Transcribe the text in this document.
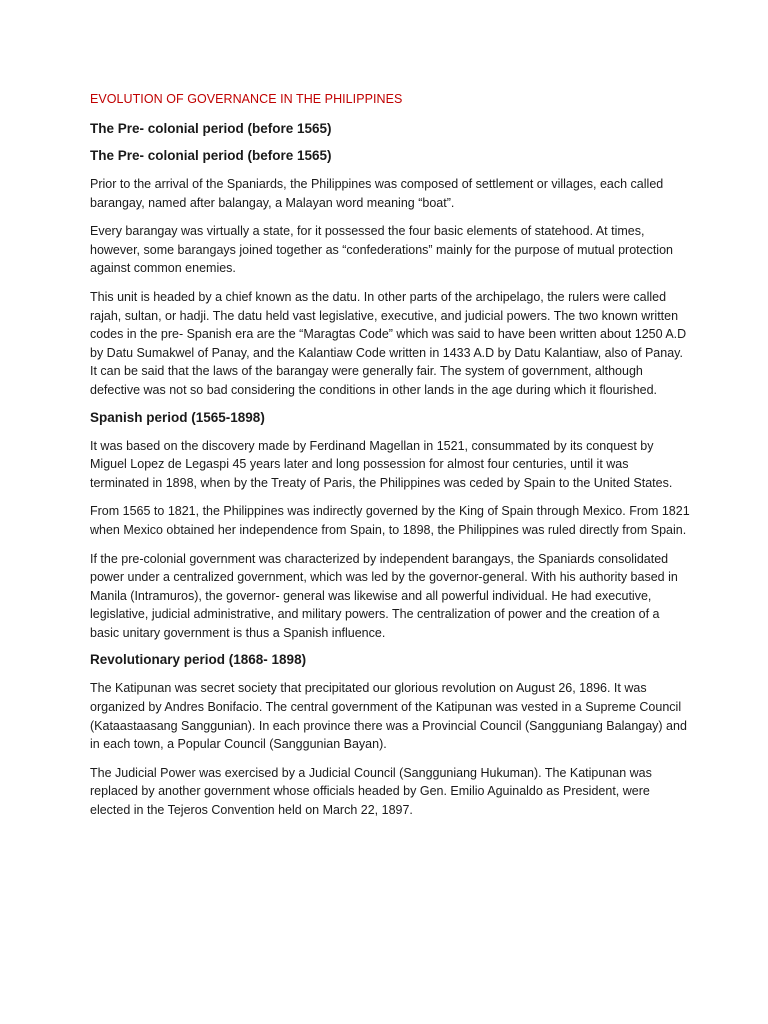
EVOLUTION OF GOVERNANCE IN THE PHILIPPINES
The Pre- colonial period (before 1565)
The Pre- colonial period (before 1565)

Prior to the arrival of the Spaniards, the Philippines was composed of settlement or villages, each called barangay, named after balangay, a Malayan word meaning “boat”.

Every barangay was virtually a state, for it possessed the four basic elements of statehood. At times, however, some barangays joined together as “confederations” mainly for the purpose of mutual protection against common enemies.

This unit is headed by a chief known as the datu. In other parts of the archipelago, the rulers were called rajah, sultan, or hadji. The datu held vast legislative, executive, and judicial powers. The two known written codes in the pre- Spanish era are the “Maragtas Code” which was said to have been written about 1250 A.D by Datu Sumakwel of Panay, and the Kalantiaw Code written in 1433 A.D by Datu Kalantiaw, also of Panay. It can be said that the laws of the barangay were generally fair. The system of government, although defective was not so bad considering the conditions in other lands in the age during which it flourished.

Spanish period (1565-1898)

It was based on the discovery made by Ferdinand Magellan in 1521, consummated by its conquest by Miguel Lopez de Legaspi 45 years later and long possession for almost four centuries, until it was terminated in 1898, when by the Treaty of Paris, the Philippines was ceded by Spain to the United States.

From 1565 to 1821, the Philippines was indirectly governed by the King of Spain through Mexico. From 1821 when Mexico obtained her independence from Spain, to 1898, the Philippines was ruled directly from Spain.

If the pre-colonial government was characterized by independent barangays, the Spaniards consolidated power under a centralized government, which was led by the governor-general. With his authority based in Manila (Intramuros), the governor- general was likewise and all powerful individual. He had executive, legislative, judicial administrative, and military powers. The centralization of power and the creation of a basic unitary government is thus a Spanish influence.

Revolutionary period (1868- 1898)

The Katipunan was secret society that precipitated our glorious revolution on August 26, 1896. It was organized by Andres Bonifacio. The central government of the Katipunan was vested in a Supreme Council (Kataastaasang Sanggunian). In each province there was a Provincial Council (Sangguniang Balangay) and in each town, a Popular Council (Sanggunian Bayan).

The Judicial Power was exercised by a Judicial Council (Sangguniang Hukuman). The Katipunan was replaced by another government whose officials headed by Gen. Emilio Aguinaldo as President, were elected in the Tejeros Convention held on March 22, 1897.
